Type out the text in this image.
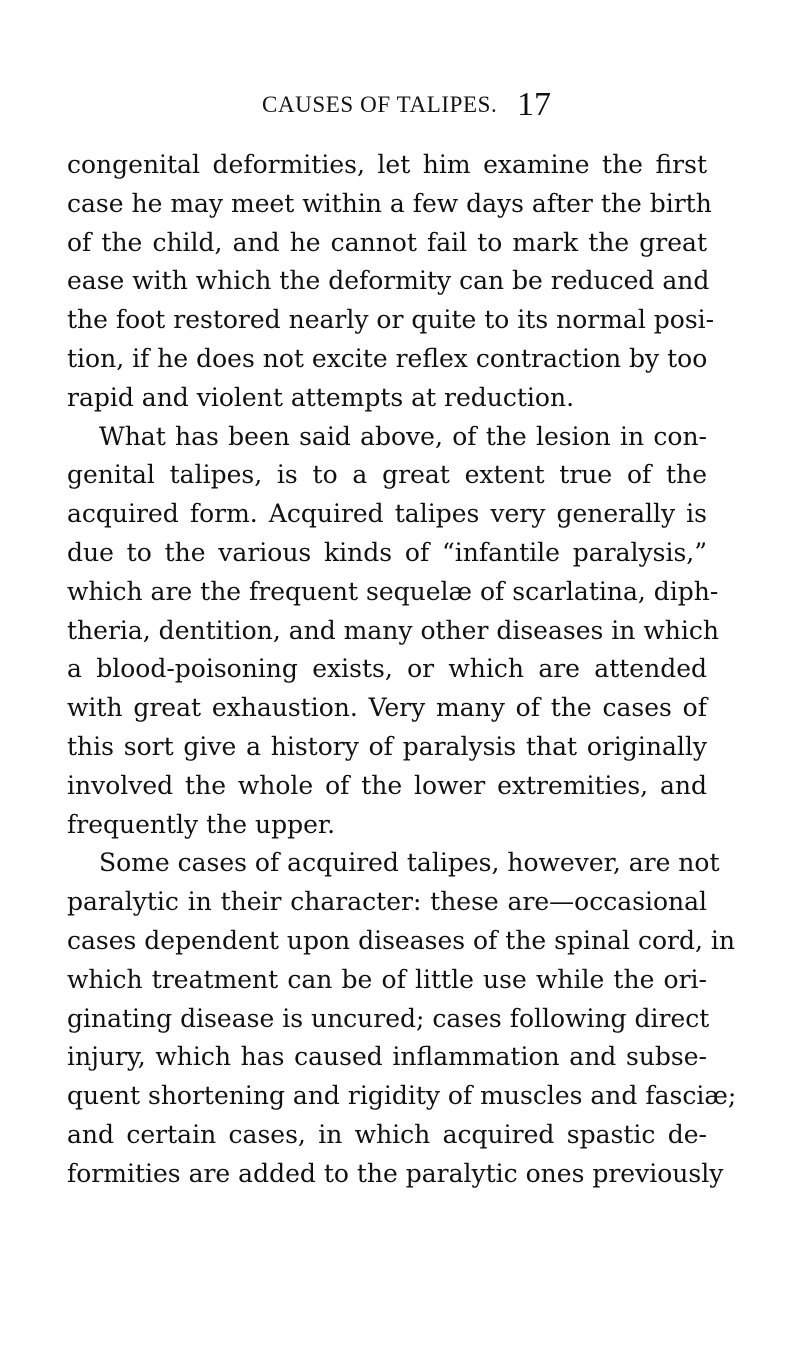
CAUSES OF TALIPES. 17
congenital deformities, let him examine the first
case he may meet within a few days after the birth
of the child, and he cannot fail to mark the great
ease with which the deformity can be reduced and
the foot restored nearly or quite to its normal posi-
tion, if he does not excite reflex contraction by too
rapid and violent attempts at reduction.
What has been said above, of the lesion in con-
genital talipes, is to a great extent true of the
acquired form. Acquired talipes very generally is
due to the various kinds of “infantile paralysis,”
which are the frequent sequelæ of scarlatina, diph-
theria, dentition, and many other diseases in which
a blood-poisoning exists, or which are attended
with great exhaustion. Very many of the cases of
this sort give a history of paralysis that originally
involved the whole of the lower extremities, and
frequently the upper.
Some cases of acquired talipes, however, are not
paralytic in their character: these are—occasional
cases dependent upon diseases of the spinal cord, in
which treatment can be of little use while the ori-
ginating disease is uncured; cases following direct
injury, which has caused inflammation and subse-
quent shortening and rigidity of muscles and fasciæ;
and certain cases, in which acquired spastic de-
formities are added to the paralytic ones previously
